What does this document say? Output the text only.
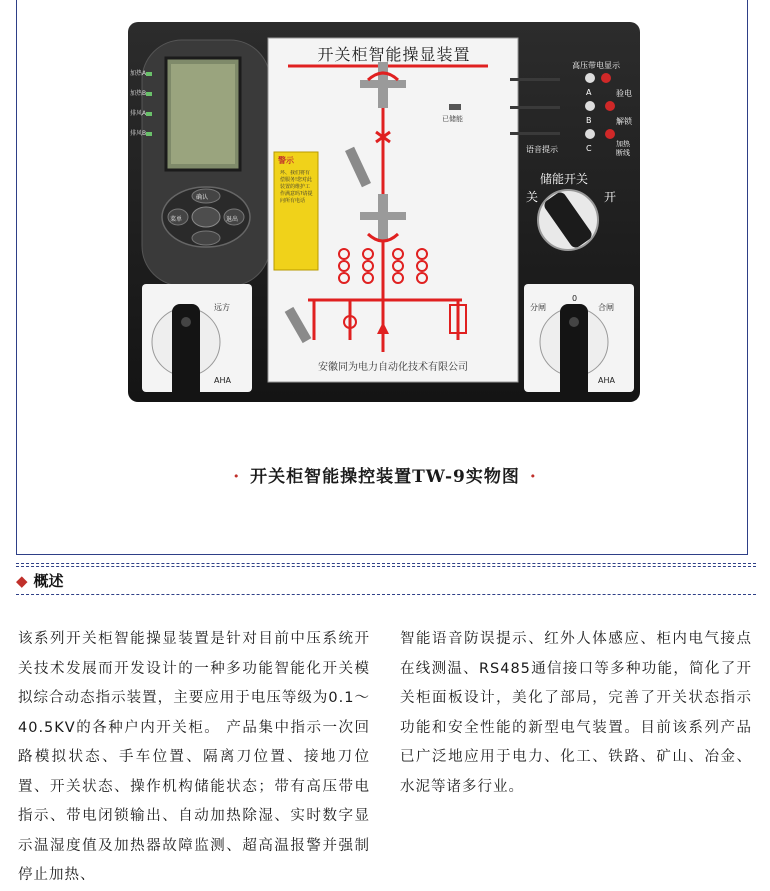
开关柜智能操显装置
加热A
加热B
排风A
排风B
确认
菜单	退出
已储能
警示
坏、我们将有偿服务!您对此装置的维护工作满意吗?请提问所有电话
高压带电显示
A
B
C
验电
解锁
语音提示
加热
断线
储能开关
关	开
远方	分闸
0
合闸
AHA	AHA
安徽同为电力自动化技术有限公司
· 开关柜智能操控装置TW-9实物图 ·
◆ 概述
该系列开关柜智能操显装置是针对目前中压系统开关技术发展而开发设计的一种多功能智能化开关模拟综合动态指示装置，主要应用于电压等级为0.1～40.5KV的各种户内开关柜。 产品集中指示一次回路模拟状态、手车位置、隔离刀位置、接地刀位置、开关状态、操作机构储能状态；带有高压带电指示、带电闭锁输出、自动加热除湿、实时数字显示温湿度值及加热器故障监测、超高温报警并强制停止加热、
智能语音防误提示、红外人体感应、柜内电气接点在线测温、RS485通信接口等多种功能，简化了开关柜面板设计，美化了部局，完善了开关状态指示功能和安全性能的新型电气装置。目前该系列产品已广泛地应用于电力、化工、铁路、矿山、冶金、水泥等诸多行业。
